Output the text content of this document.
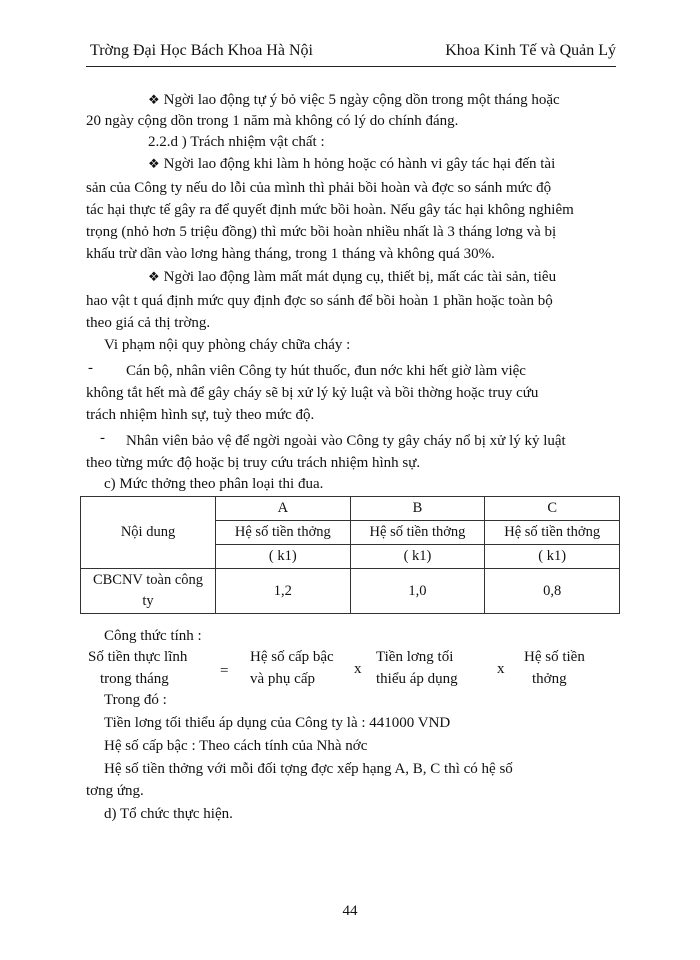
Trờng Đại Học Bách Khoa Hà Nội	Khoa Kinh Tế và Quản Lý
❖ Ngời lao động tự ý bỏ việc 5 ngày cộng dồn trong một tháng hoặc
20 ngày cộng dồn trong 1 năm mà không có lý do chính đáng.
2.2.d ) Trách nhiệm vật chất :
❖ Ngời lao động khi làm h hỏng hoặc có hành vi gây tác hại đến tài
sản của Công ty nếu do lỗi của mình thì phải bồi hoàn và đợc so sánh mức độ
tác hại thực tế gây ra để quyết định mức bồi hoàn. Nếu gây tác hại không nghiêm
trọng (nhỏ hơn 5 triệu đồng) thì mức bồi hoàn nhiều nhất là 3 tháng lơng và bị
khấu trừ dần vào lơng hàng tháng, trong 1 tháng và không quá 30%.
❖ Ngời lao động làm mất mát dụng cụ, thiết bị, mất các tài sản, tiêu
hao vật t quá định mức quy định đợc so sánh để bồi hoàn 1 phần hoặc toàn bộ
theo giá cả thị trờng.
Vi phạm nội quy phòng cháy chữa cháy :
- Cán bộ, nhân viên Công ty hút thuốc, đun nớc khi hết giờ làm việc
không tắt hết mà để gây cháy sẽ bị xử lý kỷ luật và bồi thờng hoặc truy cứu
trách nhiệm hình sự, tuỳ theo mức độ.
- Nhân viên bảo vệ để ngời ngoài vào Công ty gây cháy nổ bị xử lý kỷ luật
theo từng mức độ hoặc bị truy cứu trách nhiệm hình sự.
c) Mức thởng theo phân loại thi đua.
Nội dung	A	B	C
	Hệ số tiền thởng	Hệ số tiền thởng	Hệ số tiền thởng
	( k1)	( k1)	( k1)
CBCNV toàn công
ty	1,2	1,0	0,8
Công thức tính :
Số tiền thực lĩnh
trong tháng	=
Hệ số cấp bậc
và phụ cấp
x
Tiền lơng tối
thiểu áp dụng
x
Hệ số tiền
thởng
Trong đó :
Tiền lơng tối thiểu áp dụng của Công ty là : 441000 VND
Hệ số cấp bậc : Theo cách tính của Nhà nớc
Hệ số tiền thởng với mỗi đối tợng đợc xếp hạng A, B, C thì có hệ số
tơng ứng.
d) Tổ chức thực hiện.
44
